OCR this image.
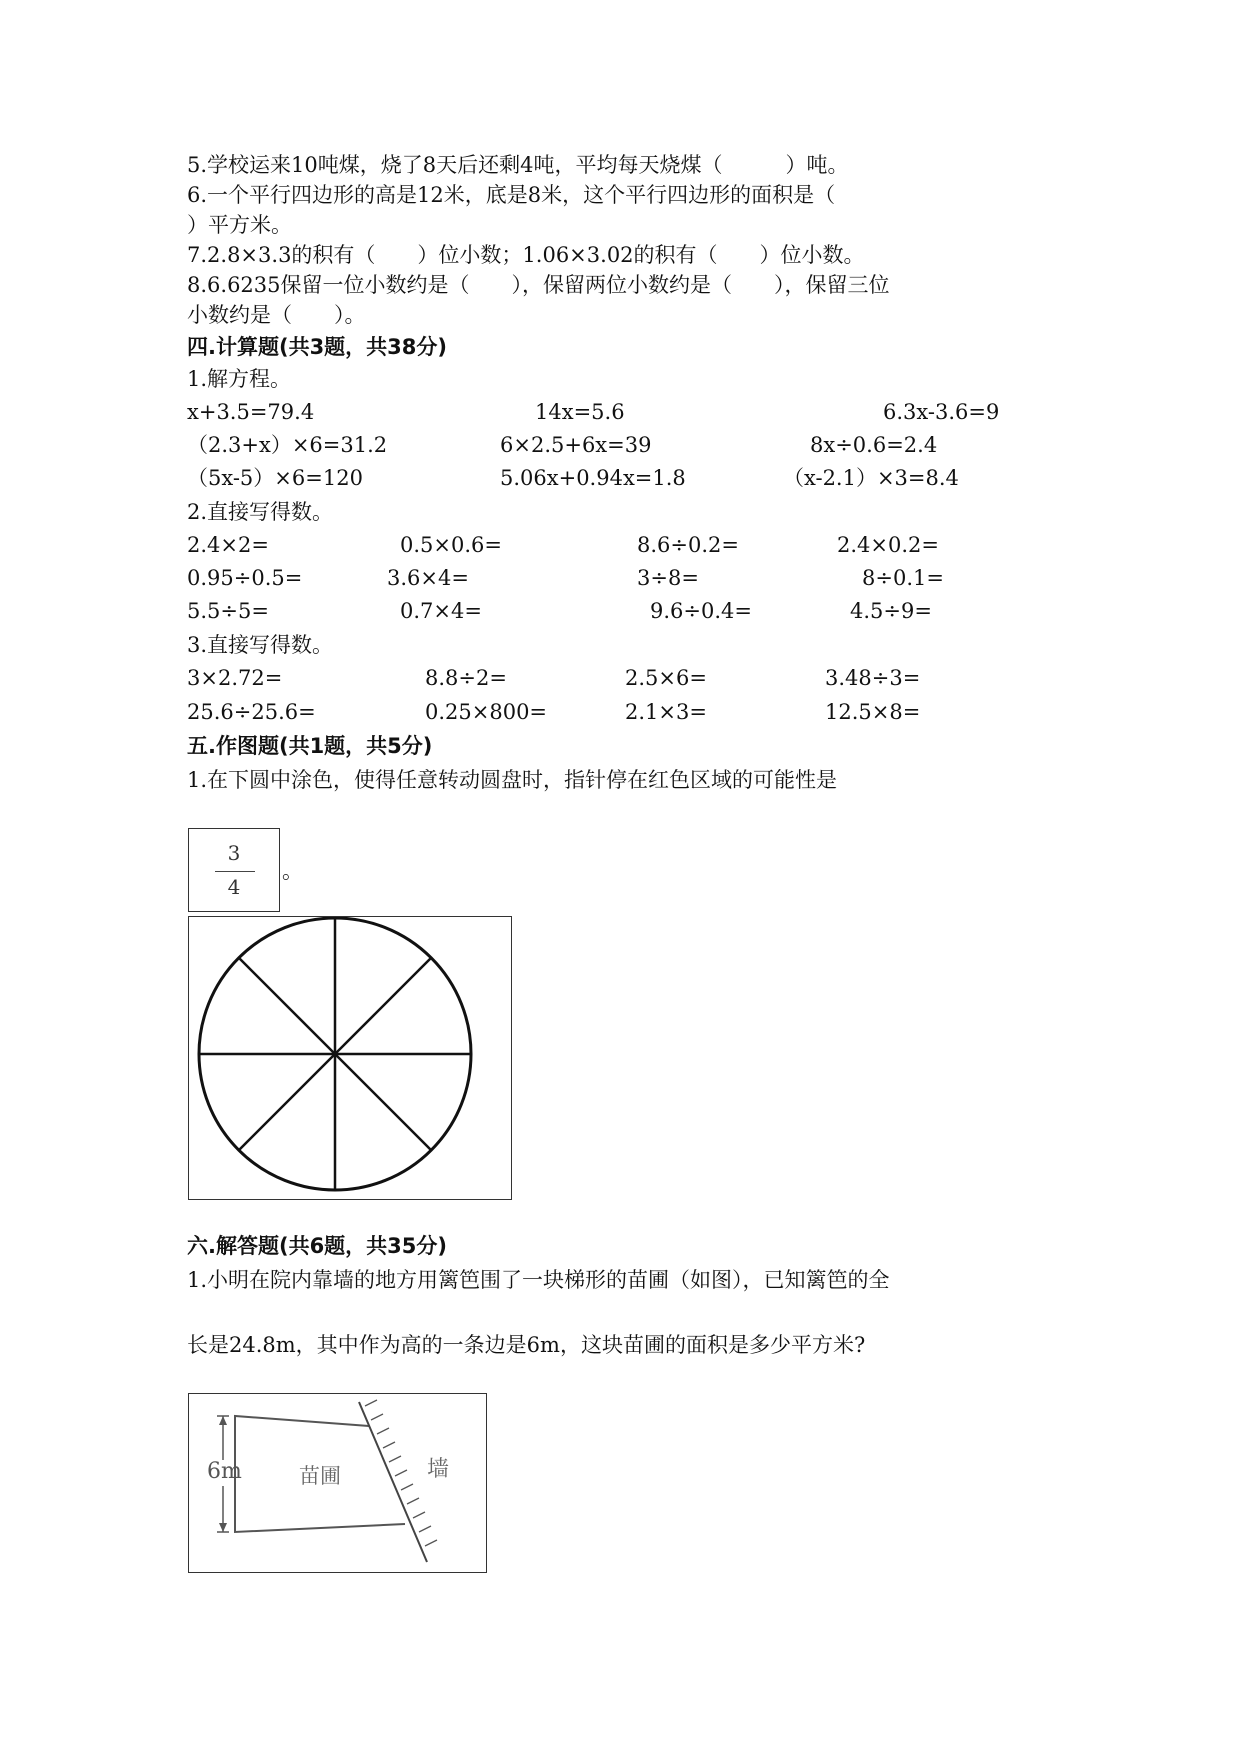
5.学校运来10吨煤，烧了8天后还剩4吨，平均每天烧煤（　　　）吨。
6.一个平行四边形的高是12米，底是8米，这个平行四边形的面积是（
）平方米。
7.2.8×3.3的积有（　　）位小数；1.06×3.02的积有（　　）位小数。
8.6.6235保留一位小数约是（　　），保留两位小数约是（　　），保留三位
小数约是（　　）。
四.计算题(共3题，共38分)
1.解方程。
x+3.5=79.4	14x=5.6	6.3x-3.6=9
（2.3+x）×6=31.2	6×2.5+6x=39	8x÷0.6=2.4
（5x-5）×6=120	5.06x+0.94x=1.8	（x-2.1）×3=8.4
2.直接写得数。
2.4×2=	0.5×0.6=	8.6÷0.2=	2.4×0.2=
0.95÷0.5=	3.6×4=	3÷8=	8÷0.1=
5.5÷5=	0.7×4=	9.6÷0.4=	4.5÷9=
3.直接写得数。
3×2.72=	8.8÷2=	2.5×6=	3.48÷3=
25.6÷25.6=	0.25×800=	2.1×3=	12.5×8=
五.作图题(共1题，共5分)
1.在下圆中涂色，使得任意转动圆盘时，指针停在红色区域的可能性是
3
4
。
六.解答题(共6题，共35分)
1.小明在院内靠墙的地方用篱笆围了一块梯形的苗圃（如图），已知篱笆的全
长是24.8m，其中作为高的一条边是6m，这块苗圃的面积是多少平方米?
6m	苗圃	墙
